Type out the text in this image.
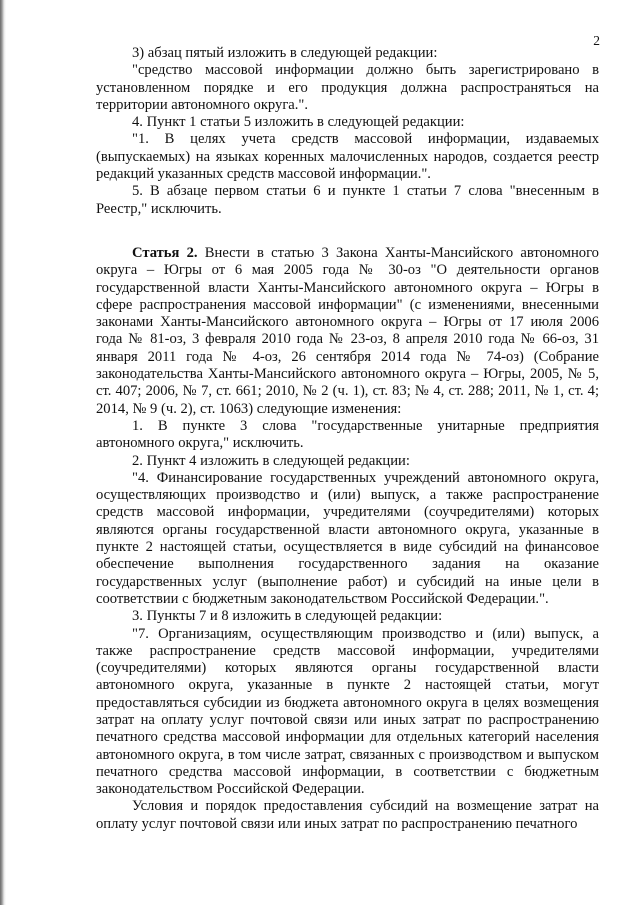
2

3) абзац пятый изложить в следующей редакции:

"средство массовой информации должно быть зарегистрировано в установленном порядке и его продукция должна распространяться на территории автономного округа.".

4. Пункт 1 статьи 5 изложить в следующей редакции:

"1. В целях учета средств массовой информации, издаваемых (выпускаемых) на языках коренных малочисленных народов, создается реестр редакций указанных средств массовой информации.".

5. В абзаце первом статьи 6 и пункте 1 статьи 7 слова "внесенным в Реестр," исключить.

Статья 2. Внести в статью 3 Закона Ханты-Мансийского автономного округа – Югры от 6 мая 2005 года № 30-оз "О деятельности органов государственной власти Ханты-Мансийского автономного округа – Югры в сфере распространения массовой информации" (с изменениями, внесенными законами Ханты-Мансийского автономного округа – Югры от 17 июля 2006 года № 81-оз, 3 февраля 2010 года № 23-оз, 8 апреля 2010 года № 66-оз, 31 января 2011 года № 4-оз, 26 сентября 2014 года № 74-оз) (Собрание законодательства Ханты-Мансийского автономного округа – Югры, 2005, № 5, ст. 407; 2006, № 7, ст. 661; 2010, № 2 (ч. 1), ст. 83; № 4, ст. 288; 2011, № 1, ст. 4; 2014, № 9 (ч. 2), ст. 1063) следующие изменения:

1. В пункте 3 слова "государственные унитарные предприятия автономного округа," исключить.

2. Пункт 4 изложить в следующей редакции:

"4. Финансирование государственных учреждений автономного округа, осуществляющих производство и (или) выпуск, а также распространение средств массовой информации, учредителями (соучредителями) которых являются органы государственной власти автономного округа, указанные в пункте 2 настоящей статьи, осуществляется в виде субсидий на финансовое обеспечение выполнения государственного задания на оказание государственных услуг (выполнение работ) и субсидий на иные цели в соответствии с бюджетным законодательством Российской Федерации.".

3. Пункты 7 и 8 изложить в следующей редакции:

"7. Организациям, осуществляющим производство и (или) выпуск, а также распространение средств массовой информации, учредителями (соучредителями) которых являются органы государственной власти автономного округа, указанные в пункте 2 настоящей статьи, могут предоставляться субсидии из бюджета автономного округа в целях возмещения затрат на оплату услуг почтовой связи или иных затрат по распространению печатного средства массовой информации для отдельных категорий населения автономного округа, в том числе затрат, связанных с производством и выпуском печатного средства массовой информации, в соответствии с бюджетным законодательством Российской Федерации.

Условия и порядок предоставления субсидий на возмещение затрат на оплату услуг почтовой связи или иных затрат по распространению печатного
